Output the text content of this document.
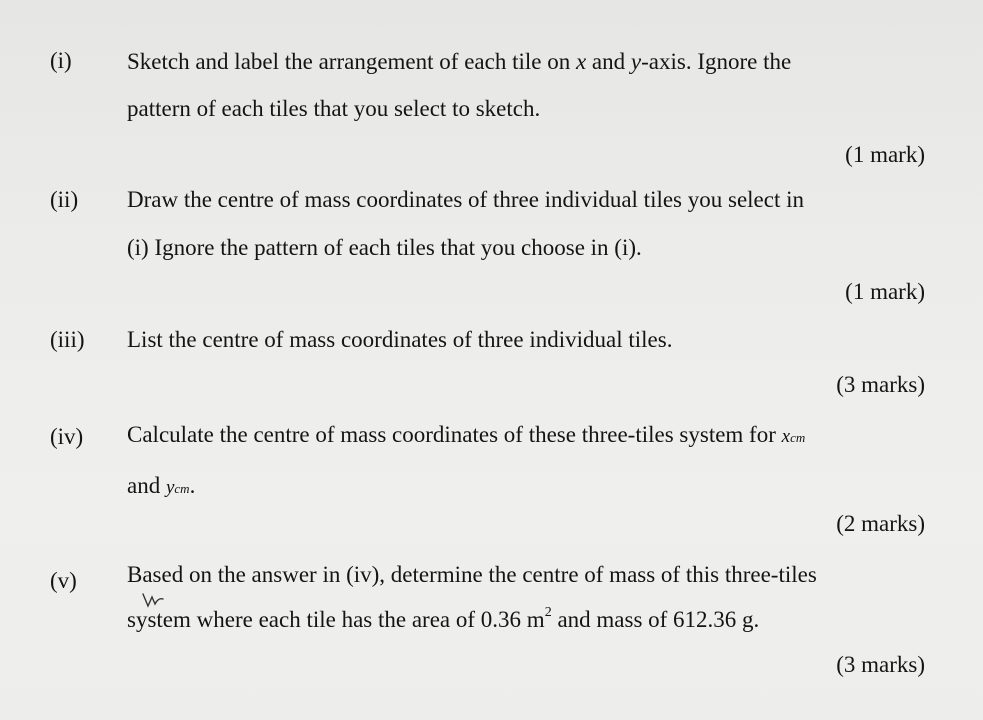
(i) Sketch and label the arrangement of each tile on x and y-axis. Ignore the
pattern of each tiles that you select to sketch.
(1 mark)
(ii) Draw the centre of mass coordinates of three individual tiles you select in
(i) Ignore the pattern of each tiles that you choose in (i).
(1 mark)
(iii) List the centre of mass coordinates of three individual tiles.
(3 marks)
(iv) Calculate the centre of mass coordinates of these three-tiles system for xcm
and ycm.
(2 marks)
(v) Based on the answer in (iv), determine the centre of mass of this three-tiles
system where each tile has the area of 0.36 $m^2$ and mass of 612.36 g.
(3 marks)
